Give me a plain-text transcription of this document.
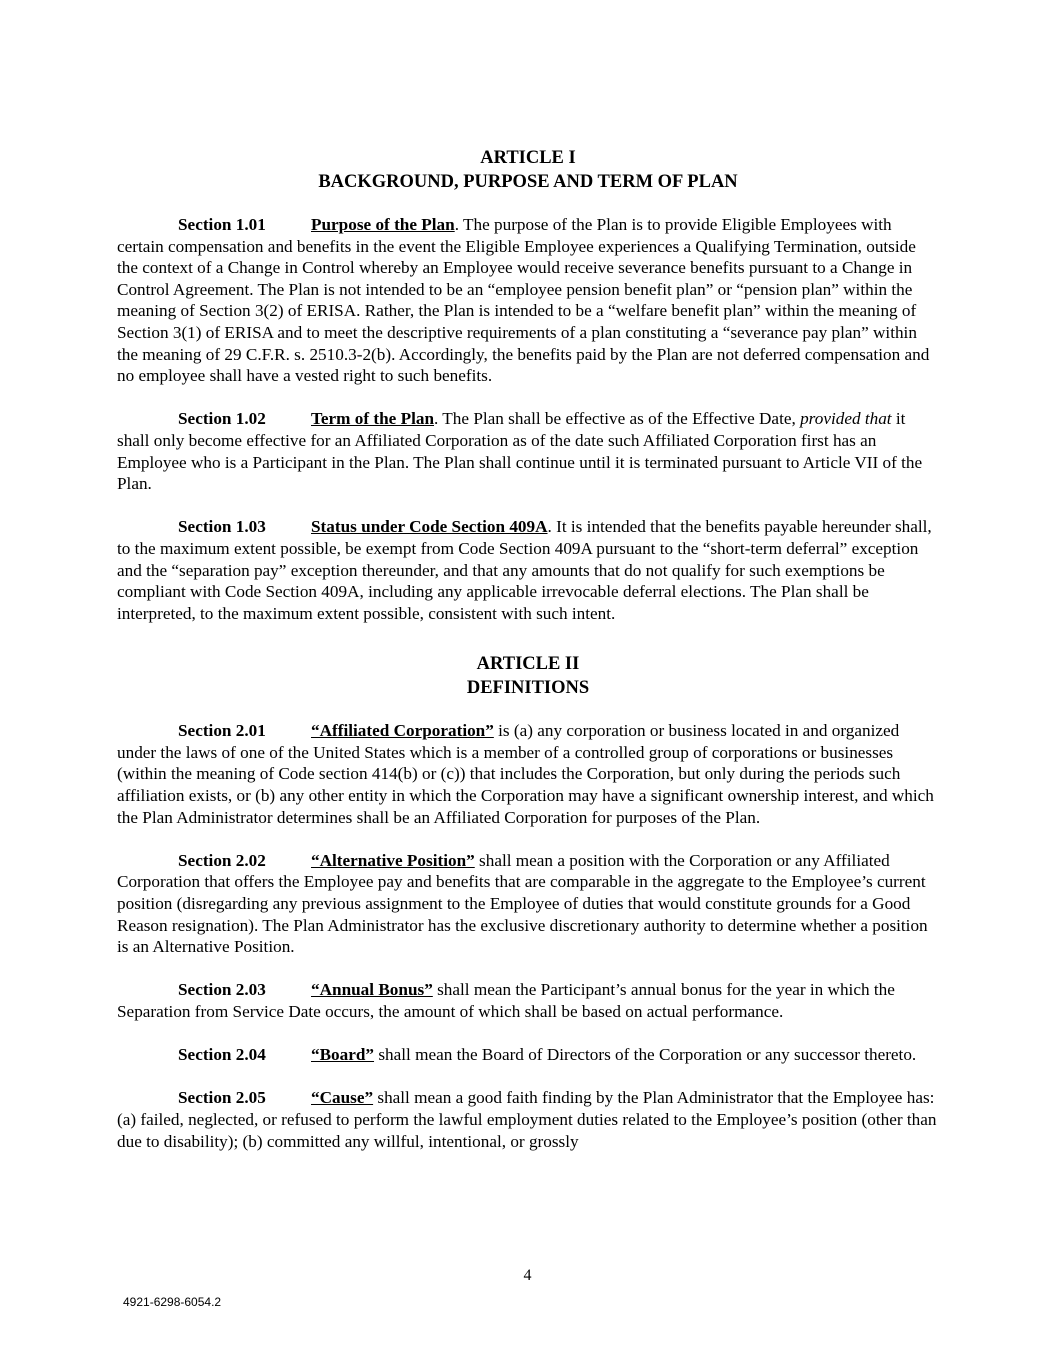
ARTICLE I
BACKGROUND, PURPOSE AND TERM OF PLAN

Section 1.01	Purpose of the Plan. The purpose of the Plan is to provide Eligible Employees with certain compensation and benefits in the event the Eligible Employee experiences a Qualifying Termination, outside the context of a Change in Control whereby an Employee would receive severance benefits pursuant to a Change in Control Agreement. The Plan is not intended to be an “employee pension benefit plan” or “pension plan” within the meaning of Section 3(2) of ERISA. Rather, the Plan is intended to be a “welfare benefit plan” within the meaning of Section 3(1) of ERISA and to meet the descriptive requirements of a plan constituting a “severance pay plan” within the meaning of 29 C.F.R. s. 2510.3-2(b). Accordingly, the benefits paid by the Plan are not deferred compensation and no employee shall have a vested right to such benefits.

Section 1.02	Term of the Plan. The Plan shall be effective as of the Effective Date, provided that it shall only become effective for an Affiliated Corporation as of the date such Affiliated Corporation first has an Employee who is a Participant in the Plan. The Plan shall continue until it is terminated pursuant to Article VII of the Plan.

Section 1.03	Status under Code Section 409A. It is intended that the benefits payable hereunder shall, to the maximum extent possible, be exempt from Code Section 409A pursuant to the “short-term deferral” exception and the “separation pay” exception thereunder, and that any amounts that do not qualify for such exemptions be compliant with Code Section 409A, including any applicable irrevocable deferral elections. The Plan shall be interpreted, to the maximum extent possible, consistent with such intent.

ARTICLE II
DEFINITIONS

Section 2.01	“Affiliated Corporation” is (a) any corporation or business located in and organized under the laws of one of the United States which is a member of a controlled group of corporations or businesses (within the meaning of Code section 414(b) or (c)) that includes the Corporation, but only during the periods such affiliation exists, or (b) any other entity in which the Corporation may have a significant ownership interest, and which the Plan Administrator determines shall be an Affiliated Corporation for purposes of the Plan.

Section 2.02	“Alternative Position” shall mean a position with the Corporation or any Affiliated Corporation that offers the Employee pay and benefits that are comparable in the aggregate to the Employee’s current position (disregarding any previous assignment to the Employee of duties that would constitute grounds for a Good Reason resignation). The Plan Administrator has the exclusive discretionary authority to determine whether a position is an Alternative Position.

Section 2.03	“Annual Bonus” shall mean the Participant’s annual bonus for the year in which the Separation from Service Date occurs, the amount of which shall be based on actual performance.

Section 2.04	“Board” shall mean the Board of Directors of the Corporation or any successor thereto.

Section 2.05	“Cause” shall mean a good faith finding by the Plan Administrator that the Employee has: (a) failed, neglected, or refused to perform the lawful employment duties related to the Employee’s position (other than due to disability); (b) committed any willful, intentional, or grossly

4
4921-6298-6054.2
